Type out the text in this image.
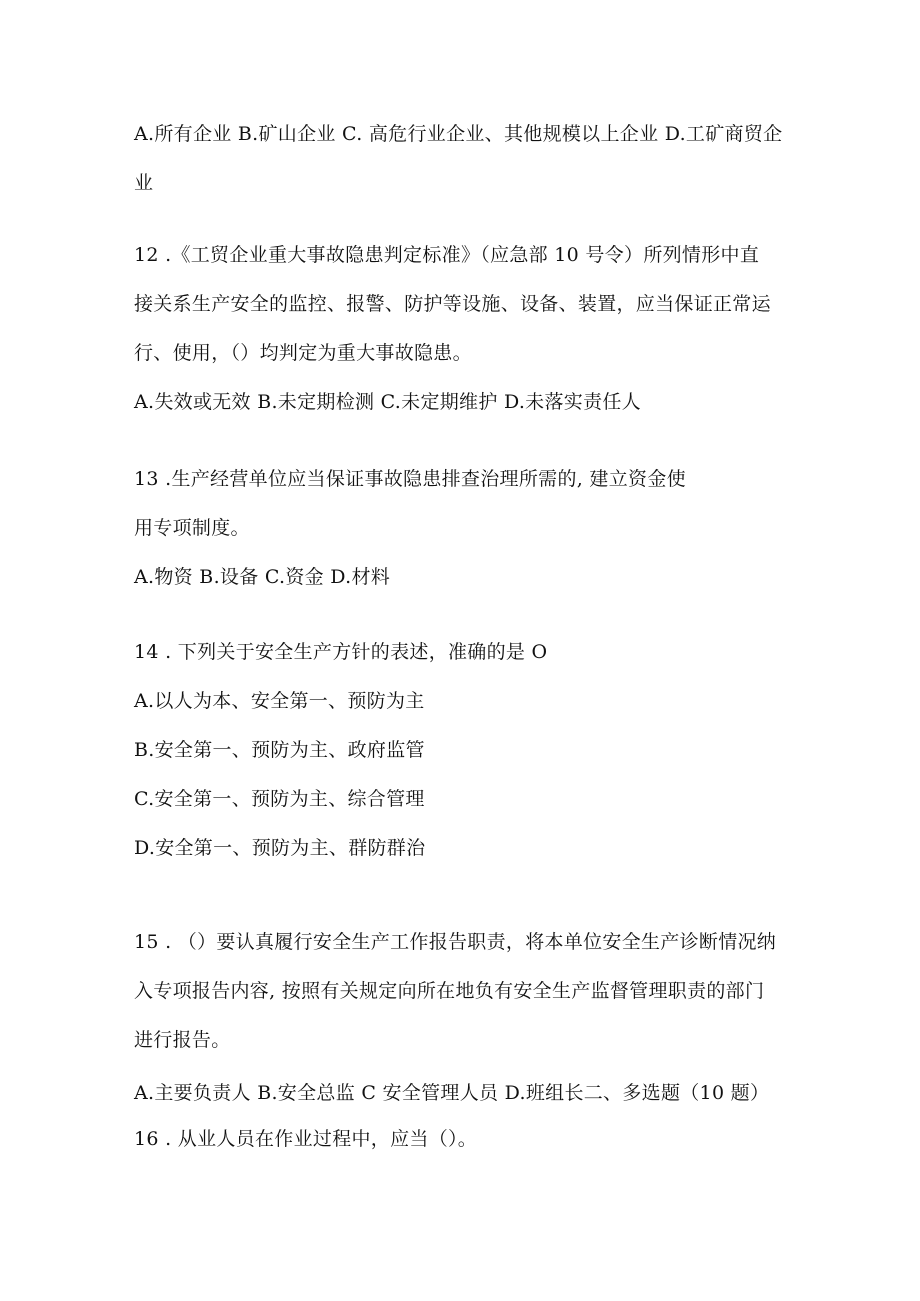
A.所有企业 B.矿山企业 C. 高危行业企业、其他规模以上企业 D.工矿商贸企
业
12 .《工贸企业重大事故隐患判定标准》（应急部 10 号令）所列情形中直
接关系生产安全的监控、报警、防护等设施、设备、装置，应当保证正常运
行、使用，（）均判定为重大事故隐患。
A.失效或无效 B.未定期检测 C.未定期维护 D.未落实责任人
13 .生产经营单位应当保证事故隐患排查治理所需的, 建立资金使
用专项制度。
A.物资 B.设备 C.资金 D.材料
14 . 下列关于安全生产方针的表述，准确的是 O
A.以人为本、安全第一、预防为主
B.安全第一、预防为主、政府监管
C.安全第一、预防为主、综合管理
D.安全第一、预防为主、群防群治
15 . （）要认真履行安全生产工作报告职责，将本单位安全生产诊断情况纳
入专项报告内容, 按照有关规定向所在地负有安全生产监督管理职责的部门
进行报告。
A.主要负责人 B.安全总监 C 安全管理人员 D.班组长二、多选题（10 题）
16 . 从业人员在作业过程中，应当（）。
